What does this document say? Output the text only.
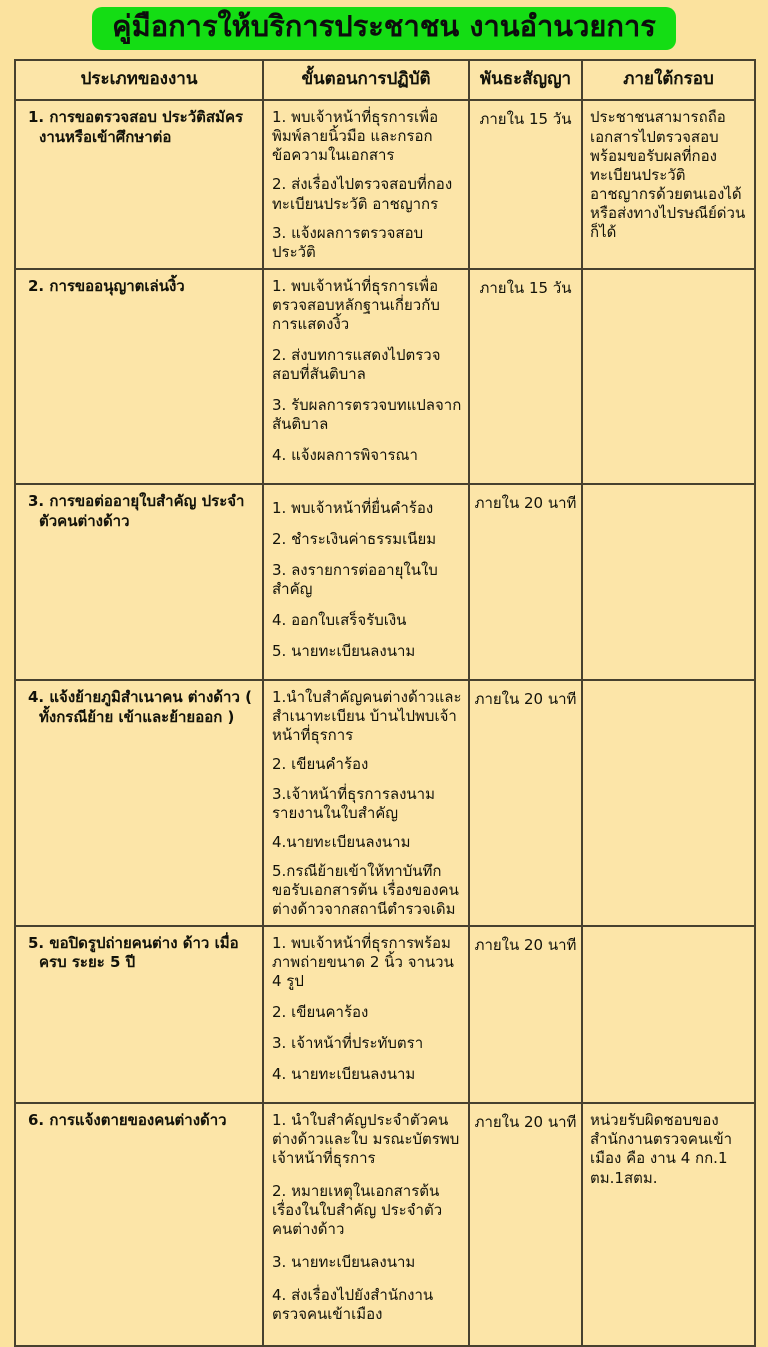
คู่มือการให้บริการประชาชน งานอำนวยการ
ประเภทของงาน	ขั้นตอนการปฏิบัติ	พันธะสัญญา	ภายใต้กรอบ

1. การขอตรวจสอบ ประวัติสมัครงานหรือเข้าศึกษาต่อ	1. พบเจ้าหน้าที่ธุรการเพื่อพิมพ์ลายนิ้วมือ และกรอกข้อความในเอกสาร

2. ส่งเรื่องไปตรวจสอบที่กองทะเบียนประวัติ อาชญากร

3. แจ้งผลการตรวจสอบประวัติ	ภายใน 15 วัน	ประชาชนสามารถถือเอกสารไปตรวจสอบพร้อมขอรับผลที่กองทะเบียนประวัติอาชญากรด้วยตนเองได้ หรือส่งทางไปรษณีย์ด่วนก็ได้

2. การขออนุญาตเล่นงิ้ว	1. พบเจ้าหน้าที่ธุรการเพื่อตรวจสอบหลักฐานเกี่ยวกับการแสดงงิ้ว

2. ส่งบทการแสดงไปตรวจสอบที่สันติบาล

3. รับผลการตรวจบทแปลจากสันติบาล

4. แจ้งผลการพิจารณา	ภายใน 15 วัน	

3. การขอต่ออายุใบสำคัญ ประจำตัวคนต่างด้าว	1. พบเจ้าหน้าที่ยื่นคำร้อง

2. ชำระเงินค่าธรรมเนียม

3. ลงรายการต่ออายุในใบสำคัญ

4. ออกใบเสร็จรับเงิน

5. นายทะเบียนลงนาม	ภายใน 20 นาที	

4. แจ้งย้ายภูมิสำเนาคน ต่างด้าว ( ทั้งกรณีย้าย เข้าและย้ายออก )	1.นำใบสำคัญคนต่างด้าวและสำเนาทะเบียน บ้านไปพบเจ้าหน้าที่ธุรการ

2. เขียนคำร้อง

3.เจ้าหน้าที่ธุรการลงนามรายงานในใบสำคัญ

4.นายทะเบียนลงนาม

5.กรณีย้ายเข้าให้ทาบันทึกขอรับเอกสารต้น เรื่องของคนต่างด้าวจากสถานีตำรวจเดิม	ภายใน 20 นาที	

5. ขอปิดรูปถ่ายคนต่าง ด้าว เมื่อครบ ระยะ 5 ปี	1. พบเจ้าหน้าที่ธุรการพร้อมภาพถ่ายขนาด 2 นิ้ว จานวน 4 รูป

2. เขียนคาร้อง

3. เจ้าหน้าที่ประทับตรา

4. นายทะเบียนลงนาม	ภายใน 20 นาที	

6. การแจ้งตายของคนต่างด้าว	1. นำใบสำคัญประจำตัวคนต่างด้าวและใบ มรณะบัตรพบเจ้าหน้าที่ธุรการ

2. หมายเหตุในเอกสารต้นเรื่องในใบสำคัญ ประจำตัวคนต่างด้าว

3. นายทะเบียนลงนาม

4. ส่งเรื่องไปยังสำนักงานตรวจคนเข้าเมือง	ภายใน 20 นาที	หน่วยรับผิดชอบของสำนักงานตรวจคนเข้าเมือง คือ งาน 4 กก.1 ตม.1สตม.
